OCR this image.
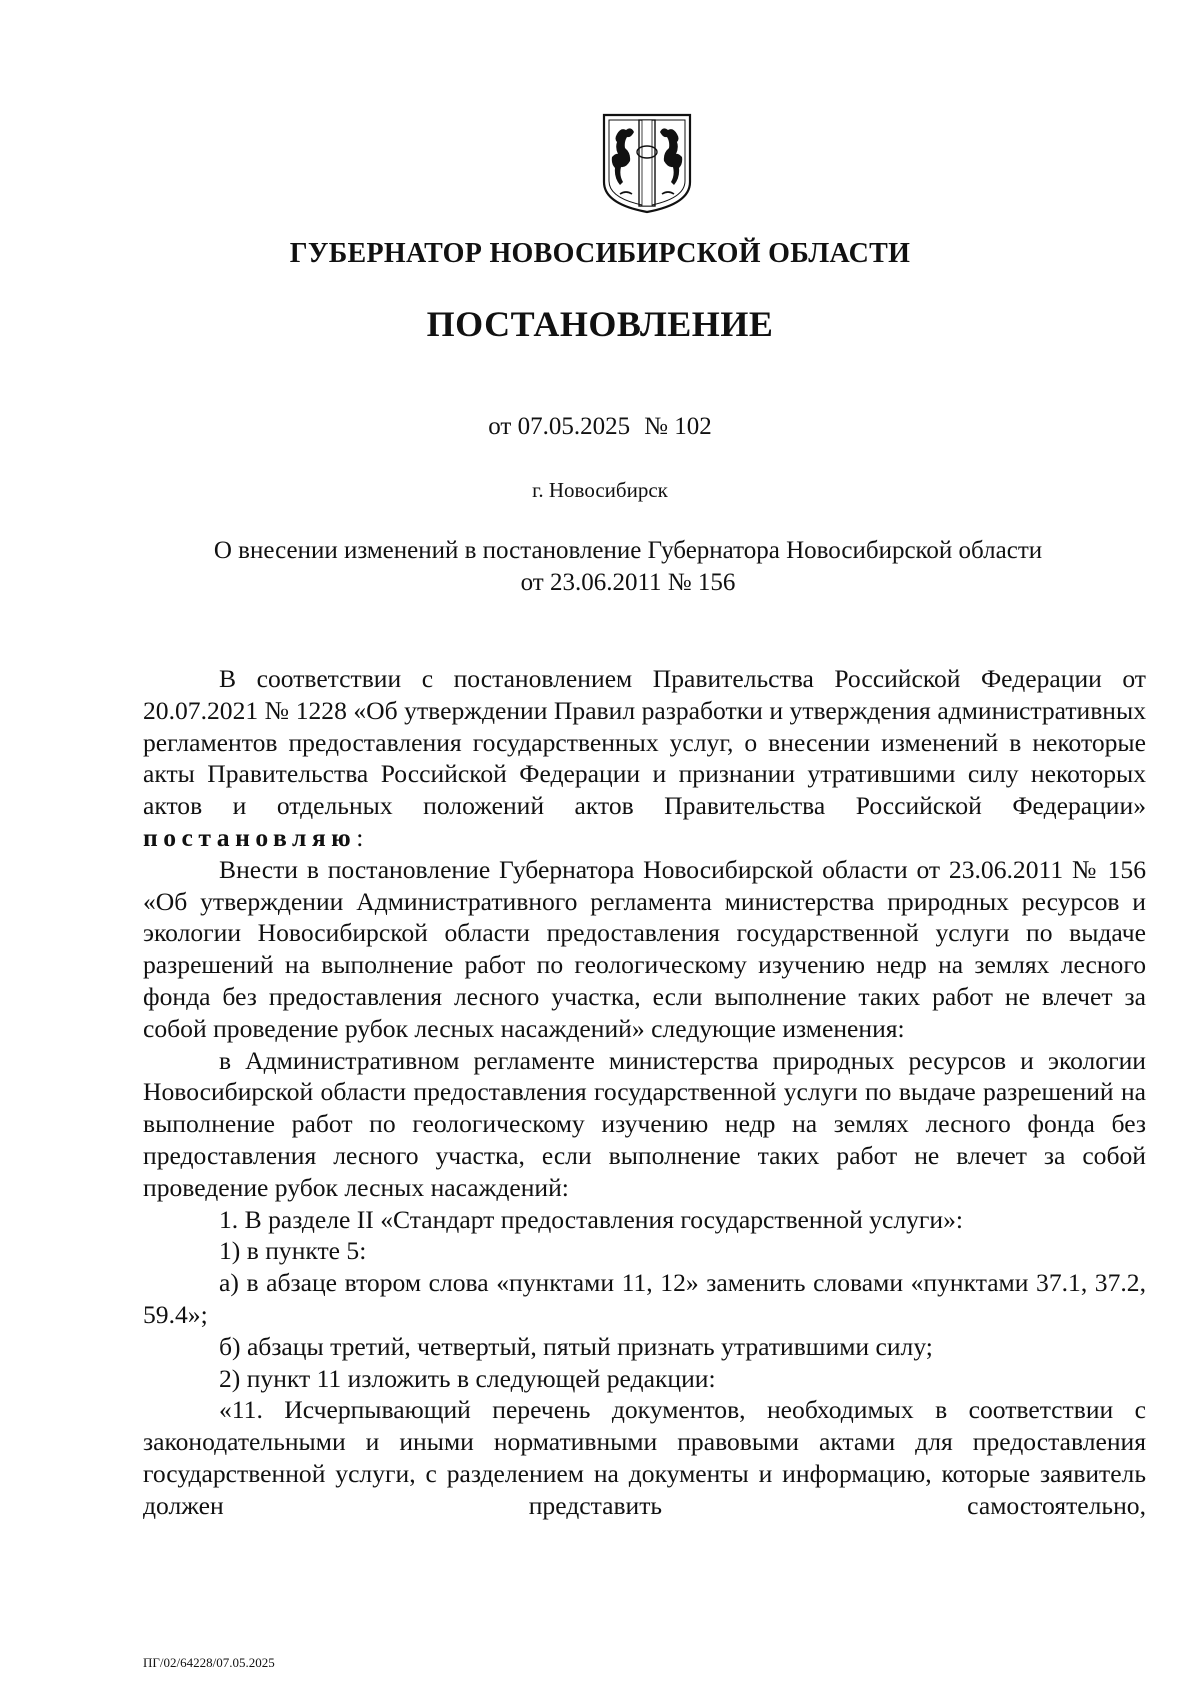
ГУБЕРНАТОР НОВОСИБИРСКОЙ ОБЛАСТИ
ПОСТАНОВЛЕНИЕ
от 07.05.2025 № 102
г. Новосибирск
О внесении изменений в постановление Губернатора Новосибирской области
от 23.06.2011 № 156

В соответствии с постановлением Правительства Российской Федерации от 20.07.2021 № 1228 «Об утверждении Правил разработки и утверждения административных регламентов предоставления государственных услуг, о внесении изменений в некоторые акты Правительства Российской Федерации и признании утратившими силу некоторых актов и отдельных положений актов Правительства Российской Федерации» постановляю:

Внести в постановление Губернатора Новосибирской области от 23.06.2011 № 156 «Об утверждении Административного регламента министерства природных ресурсов и экологии Новосибирской области предоставления государственной услуги по выдаче разрешений на выполнение работ по геологическому изучению недр на землях лесного фонда без предоставления лесного участка, если выполнение таких работ не влечет за собой проведение рубок лесных насаждений» следующие изменения:

в Административном регламенте министерства природных ресурсов и экологии Новосибирской области предоставления государственной услуги по выдаче разрешений на выполнение работ по геологическому изучению недр на землях лесного фонда без предоставления лесного участка, если выполнение таких работ не влечет за собой проведение рубок лесных насаждений:

1. В разделе II «Стандарт предоставления государственной услуги»:

1) в пункте 5:

а) в абзаце втором слова «пунктами 11, 12» заменить словами «пунктами 37.1, 37.2, 59.4»;

б) абзацы третий, четвертый, пятый признать утратившими силу;

2) пункт 11 изложить в следующей редакции:

«11. Исчерпывающий перечень документов, необходимых в соответствии с законодательными и иными нормативными правовыми актами для предоставления государственной услуги, с разделением на документы и информацию, которые заявитель должен представить самостоятельно,

ПГ/02/64228/07.05.2025
